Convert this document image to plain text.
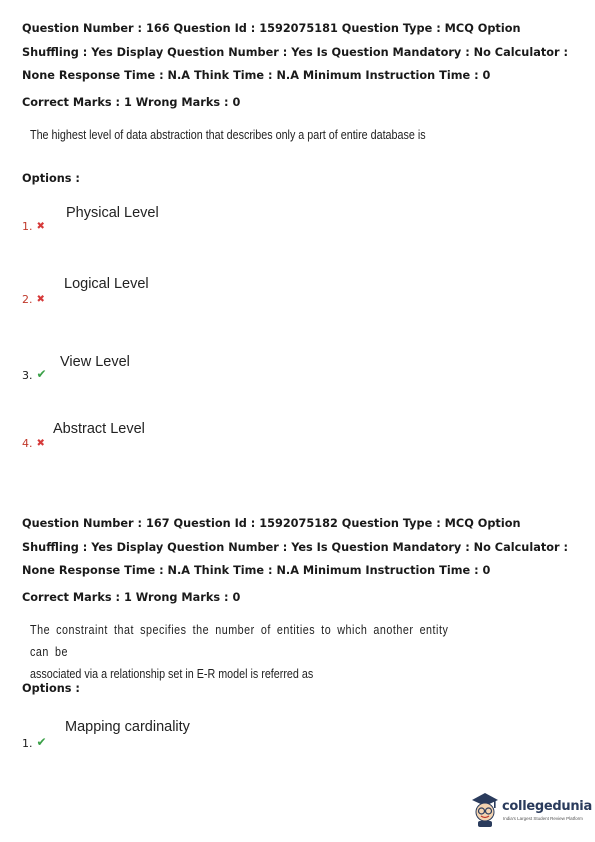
Question Number : 166 Question Id : 1592075181 Question Type : MCQ Option Shuffling : Yes Display Question Number : Yes Is Question Mandatory : No Calculator : None Response Time : N.A Think Time : N.A Minimum Instruction Time : 0
Correct Marks : 1 Wrong Marks : 0
The highest level of data abstraction that describes only a part of entire database is
Options :
1. ✖
Physical Level
2. ✖
Logical Level
3. ✔
View Level
4. ✖
Abstract Level
Question Number : 167 Question Id : 1592075182 Question Type : MCQ Option Shuffling : Yes Display Question Number : Yes Is Question Mandatory : No Calculator : None Response Time : N.A Think Time : N.A Minimum Instruction Time : 0
Correct Marks : 1 Wrong Marks : 0
The constraint that specifies the number of entities to which another entity can be
associated via a relationship set in E-R model is referred as
Options :
1. ✔
Mapping cardinality
collegedunia
India's Largest Student Review Platform
